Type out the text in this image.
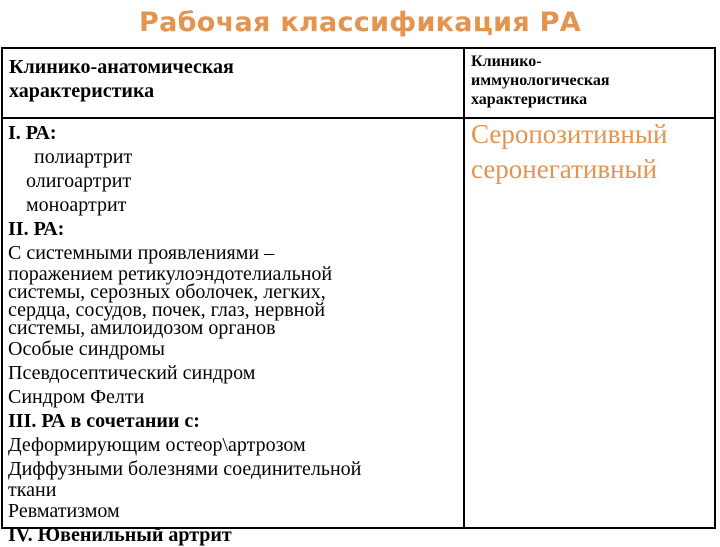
Рабочая классификация РА
Клинико-анатомическая
характеристика
Клинико-
иммунологическая
характеристика
I. РА:
полиартрит
олигоартрит
моноартрит
II. РА:
С системными проявлениями –
поражением ретикулоэндотелиальной
системы, серозных оболочек, легких,
сердца, сосудов, почек, глаз, нервной
системы, амилоидозом органов
Особые синдромы
Псевдосептический синдром
Синдром Фелти
III. РА в сочетании с:
Деформирующим остеор\артрозом
Диффузными болезнями соединительной
ткани
Ревматизмом
IV. Ювенильный артрит
Серопозитивный
серонегативный
